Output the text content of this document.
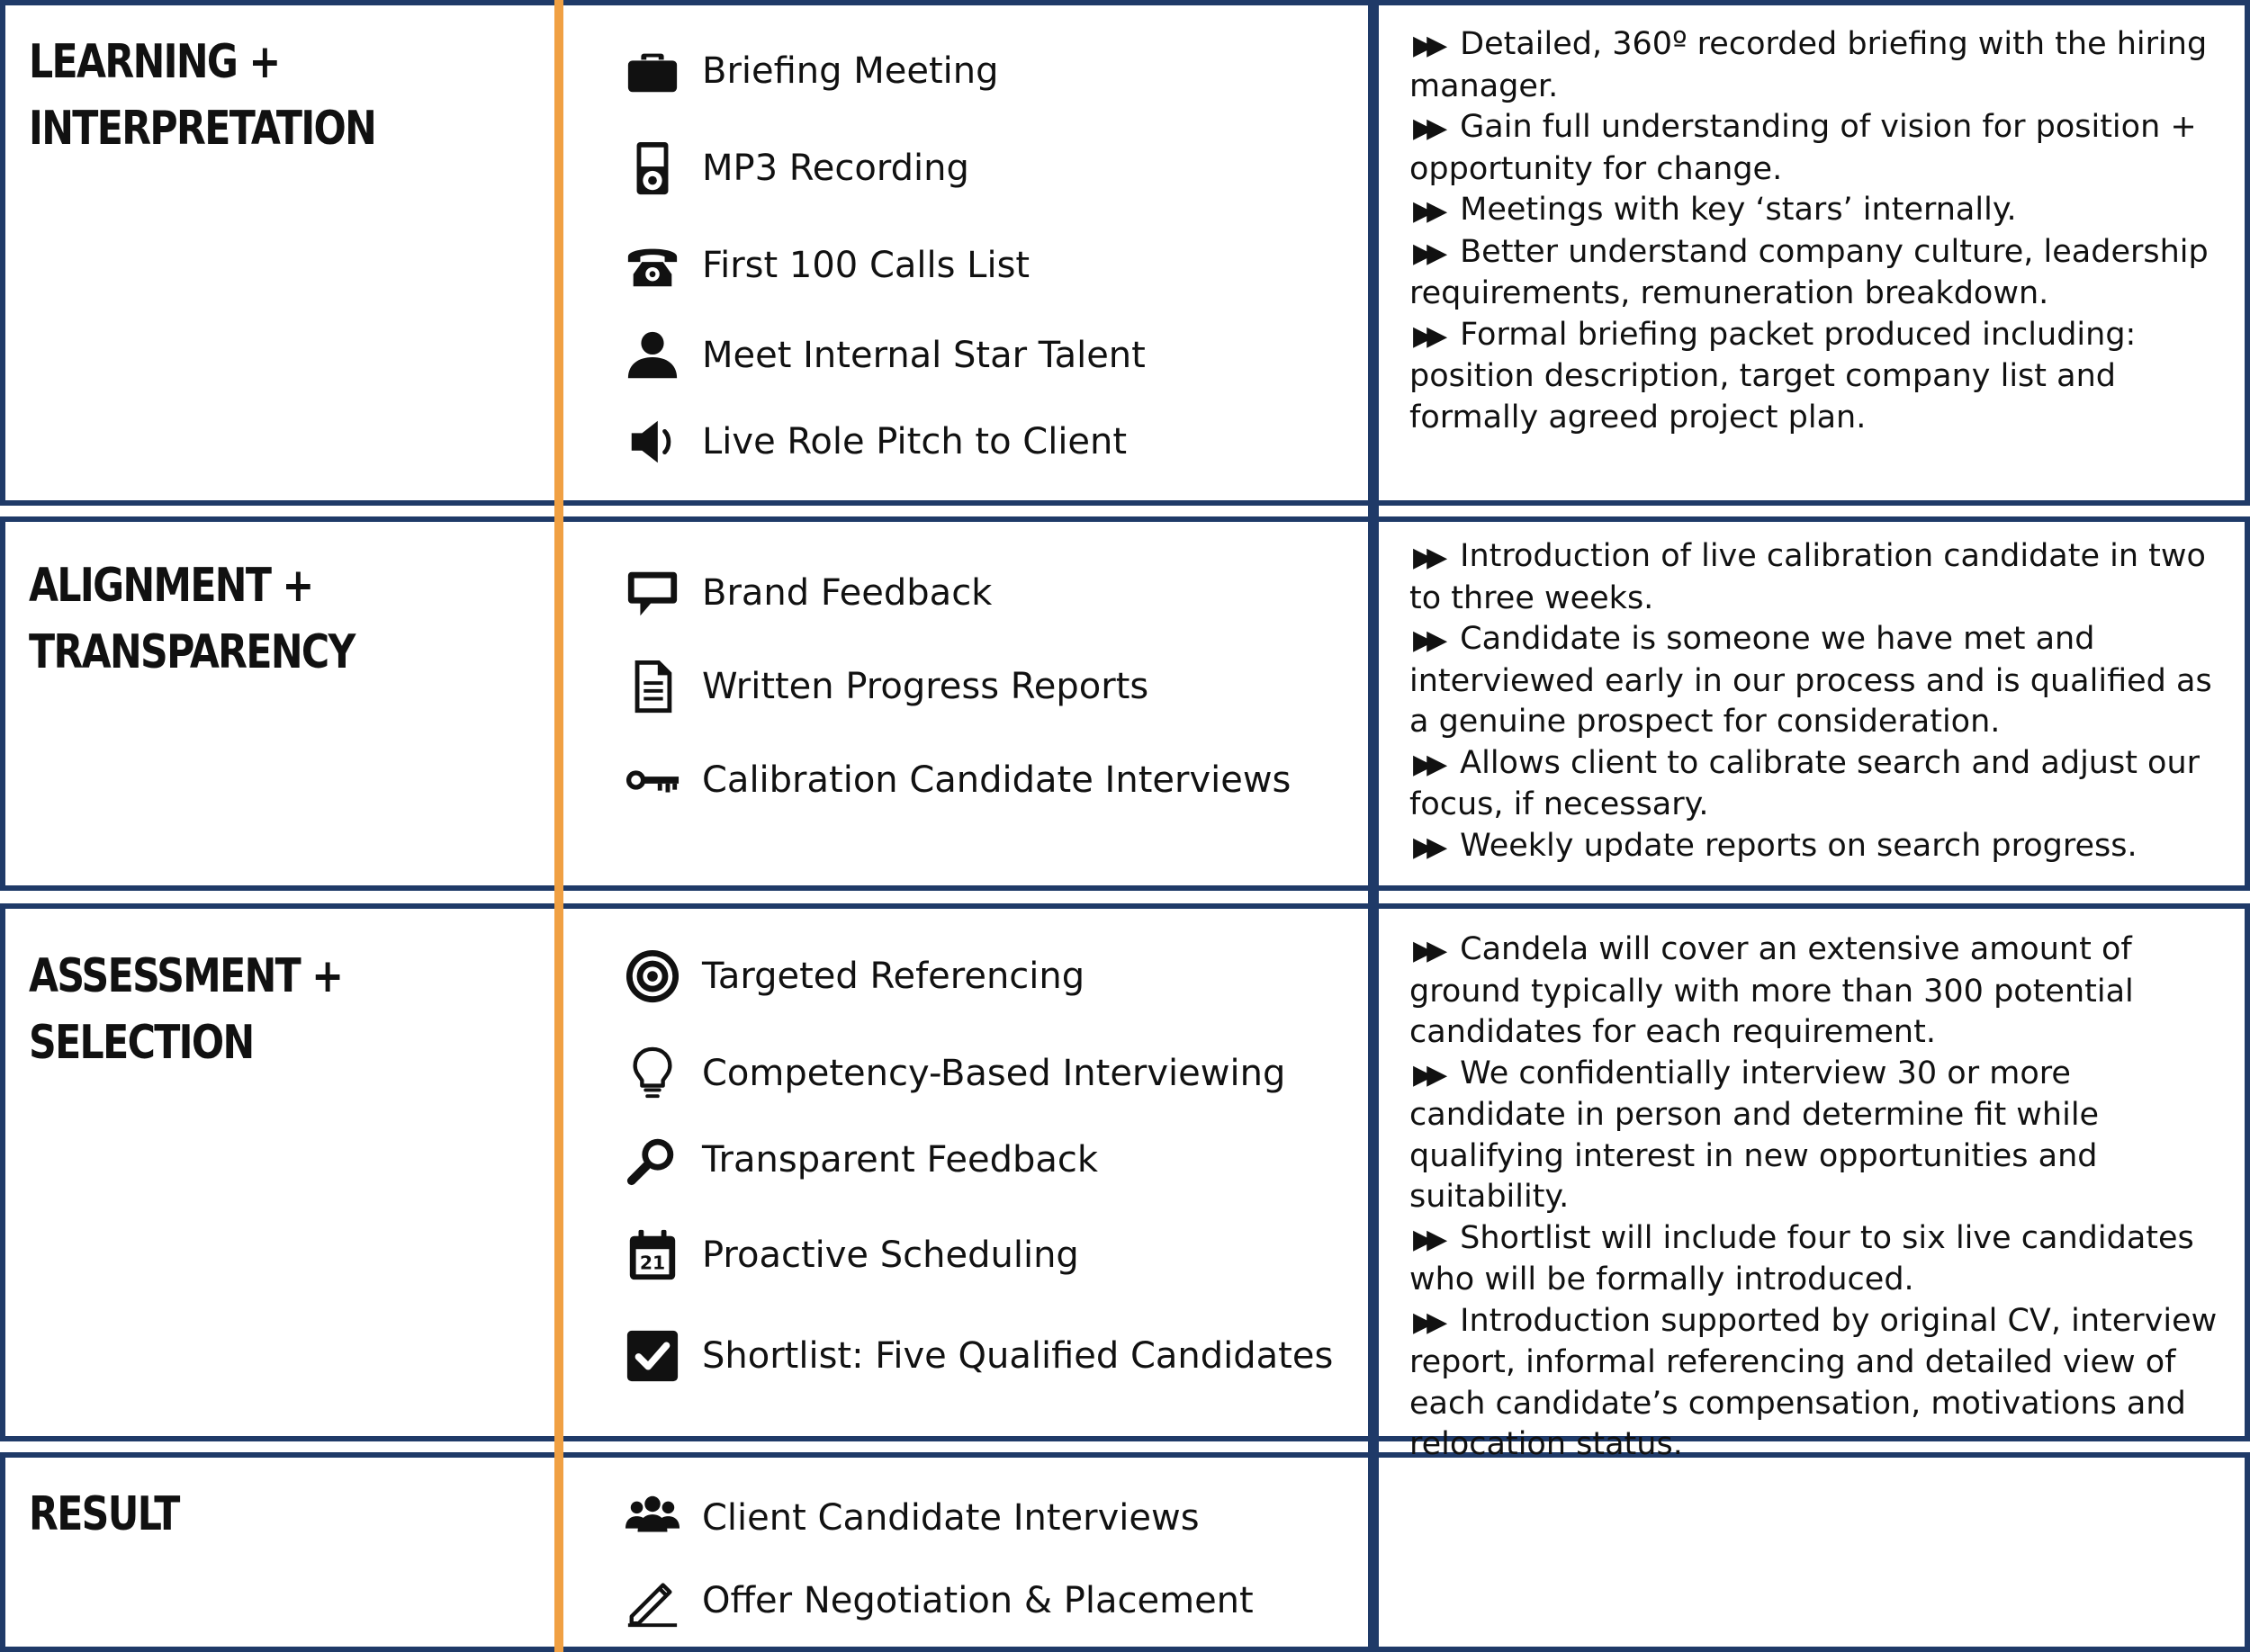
LEARNING +
INTERPRETATION
Briefing Meeting
MP3 Recording
First 100 Calls List
Meet Internal Star Talent
Live Role Pitch to Client

▶▶ Detailed, 360º recorded briefing with the hiring manager.

▶▶ Gain full understanding of vision for position + opportunity for change.

▶▶ Meetings with key ‘stars’ internally.

▶▶ Better understand company culture, leadership requirements, remuneration breakdown.

▶▶ Formal briefing packet produced including: position description, target company list and formally agreed project plan.

ALIGNMENT +
TRANSPARENCY
Brand Feedback
Written Progress Reports
Calibration Candidate Interviews

▶▶ Introduction of live calibration candidate in two to three weeks.

▶▶ Candidate is someone we have met and interviewed early in our process and is qualified as a genuine prospect for consideration.

▶▶ Allows client to calibrate search and adjust our focus, if necessary.

▶▶ Weekly update reports on search progress.

ASSESSMENT +
SELECTION
Targeted Referencing
Competency-Based Interviewing
Transparent Feedback
21 Proactive Scheduling
Shortlist: Five Qualified Candidates

▶▶ Candela will cover an extensive amount of ground typically with more than 300 potential candidates for each requirement.

▶▶ We confidentially interview 30 or more candidate in person and determine fit while qualifying interest in new opportunities and suitability.

▶▶ Shortlist will include four to six live candidates who will be formally introduced.

▶▶ Introduction supported by original CV, interview report, informal referencing and detailed view of each candidate’s compensation, motivations and relocation status.

RESULT	Client Candidate Interviews
Offer Negotiation & Placement
